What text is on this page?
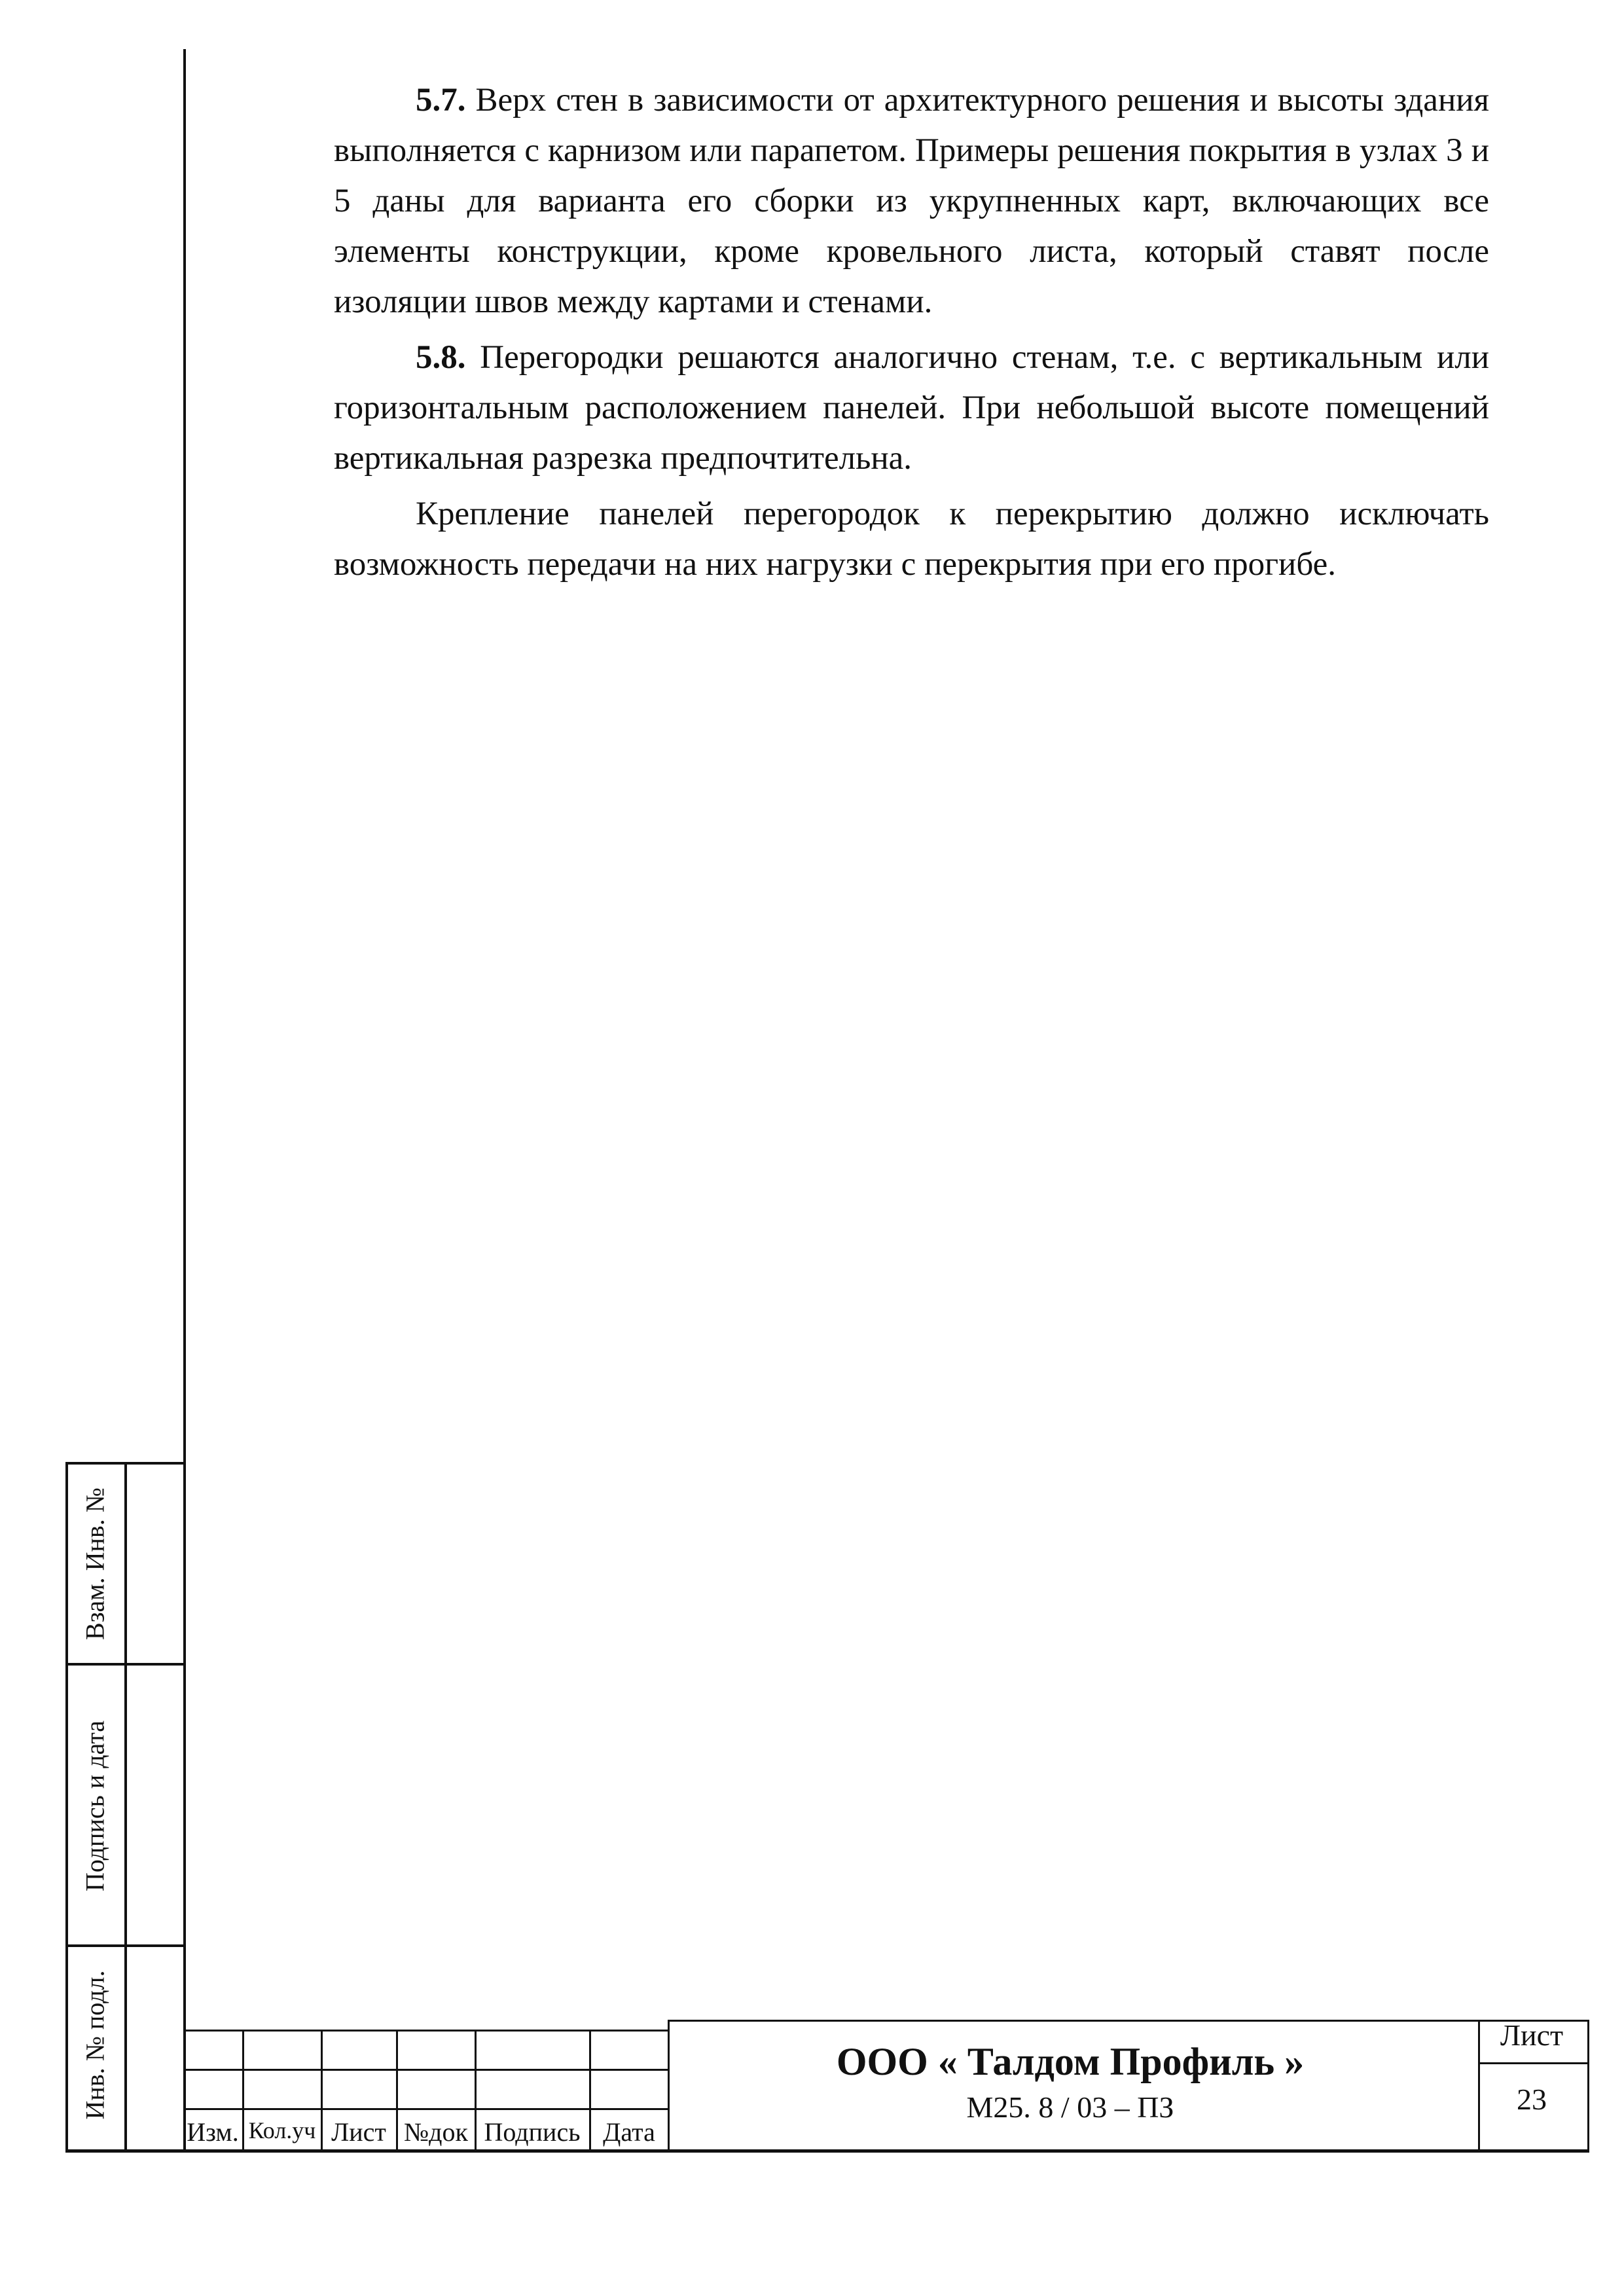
5.7. Верх стен в зависимости от архитектурного решения и высоты здания выполняется с карнизом или парапетом. Примеры решения покрытия в узлах 3 и 5 даны для варианта его сборки из укрупненных карт, включающих все элементы конструкции, кроме кровельного листа, который ставят после изоляции швов между картами и стенами.

5.8. Перегородки решаются аналогично стенам, т.е. с вертикальным или горизонтальным расположением панелей. При небольшой высоте помещений вертикальная разрезка предпочтительна.

Крепление панелей перегородок к перекрытию должно исключать возможность передачи на них нагрузки с перекрытия при его прогибе.

Взам. Инв. №
Подпись и дата
Инв. № подл.
Изм. Кол.уч Лист №док Подпись Дата
ООО « Талдом Профиль »
М25. 8 / 03 – ПЗ
Лист
23
